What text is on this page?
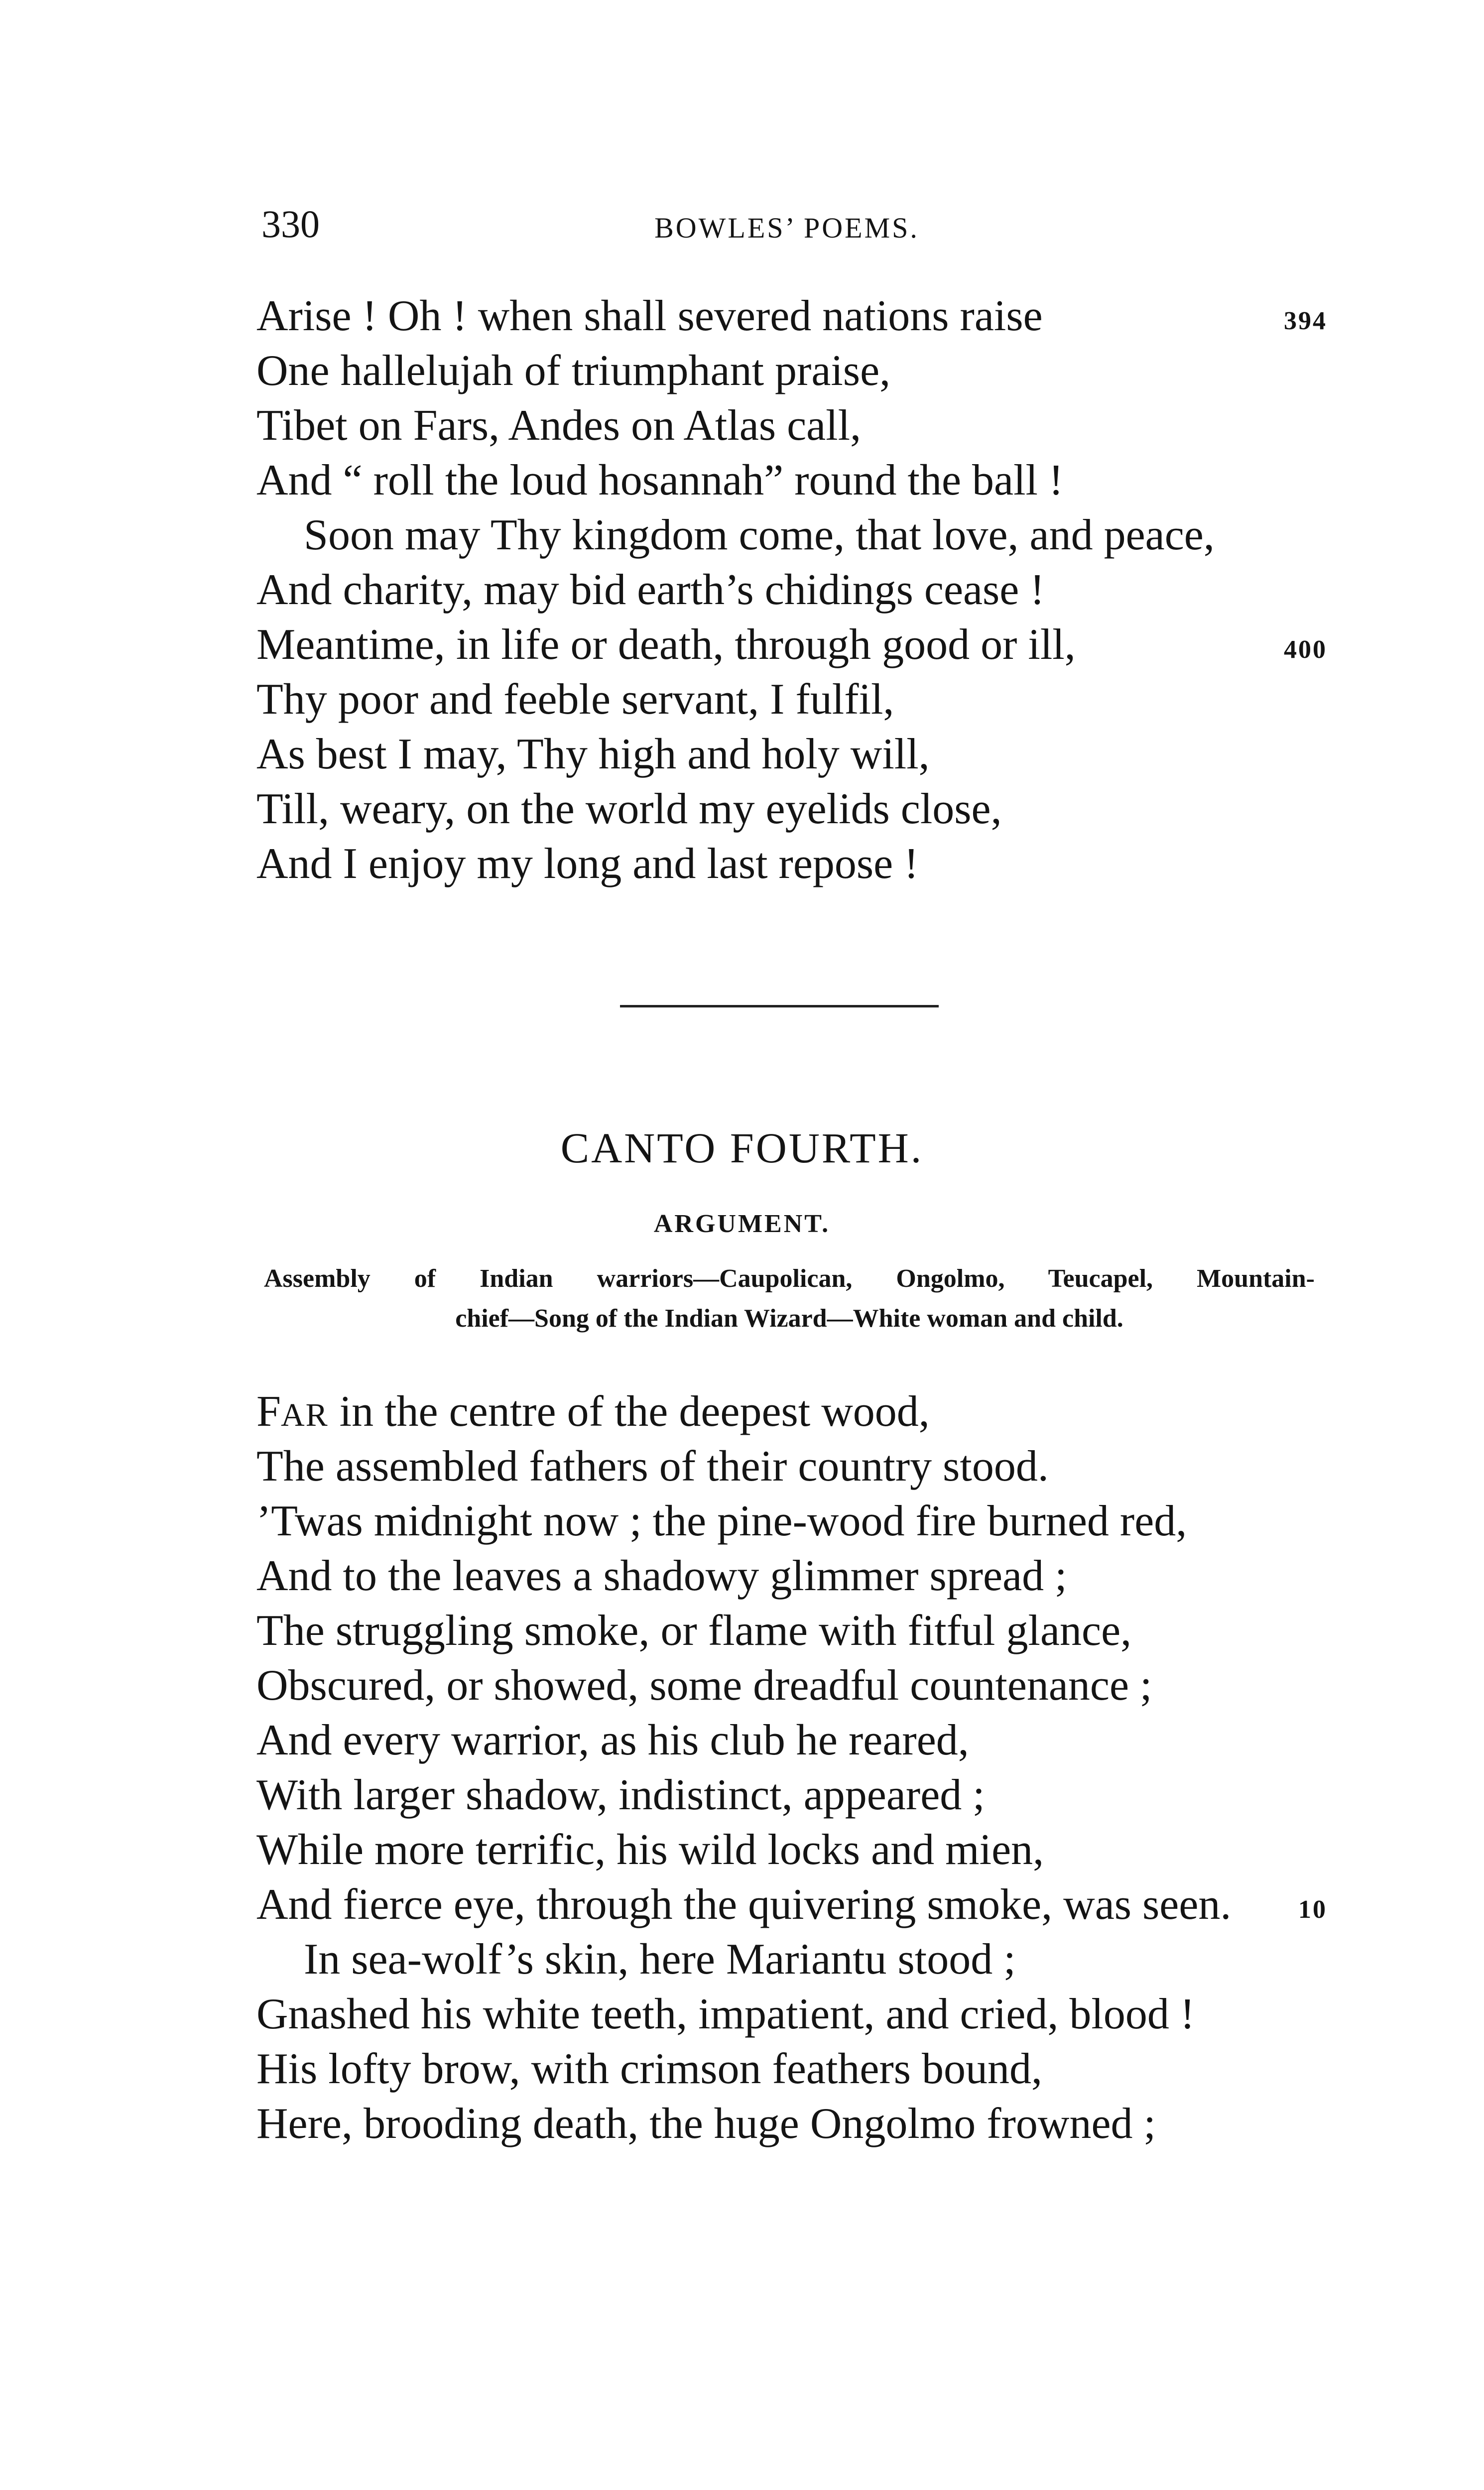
330	BOWLES’ POEMS.
Arise ! Oh ! when shall severed nations raise	394
One hallelujah of triumphant praise,
Tibet on Fars, Andes on Atlas call,
And “ roll the loud hosannah” round the ball !
Soon may Thy kingdom come, that love, and peace,
And charity, may bid earth’s chidings cease !
Meantime, in life or death, through good or ill,	400
Thy poor and feeble servant, I fulfil,
As best I may, Thy high and holy will,
Till, weary, on the world my eyelids close,
And I enjoy my long and last repose !
CANTO FOURTH.
ARGUMENT.
Assembly of Indian warriors—Caupolican, Ongolmo, Teucapel, Mountain-
chief—Song of the Indian Wizard—White woman and child.
FAR in the centre of the deepest wood,
The assembled fathers of their country stood.
’Twas midnight now ; the pine-wood fire burned red,
And to the leaves a shadowy glimmer spread ;
The struggling smoke, or flame with fitful glance,
Obscured, or showed, some dreadful countenance ;
And every warrior, as his club he reared,
With larger shadow, indistinct, appeared ;
While more terrific, his wild locks and mien,
And fierce eye, through the quivering smoke, was seen.	10
In sea-wolf’s skin, here Mariantu stood ;
Gnashed his white teeth, impatient, and cried, blood !
His lofty brow, with crimson feathers bound,
Here, brooding death, the huge Ongolmo frowned ;
